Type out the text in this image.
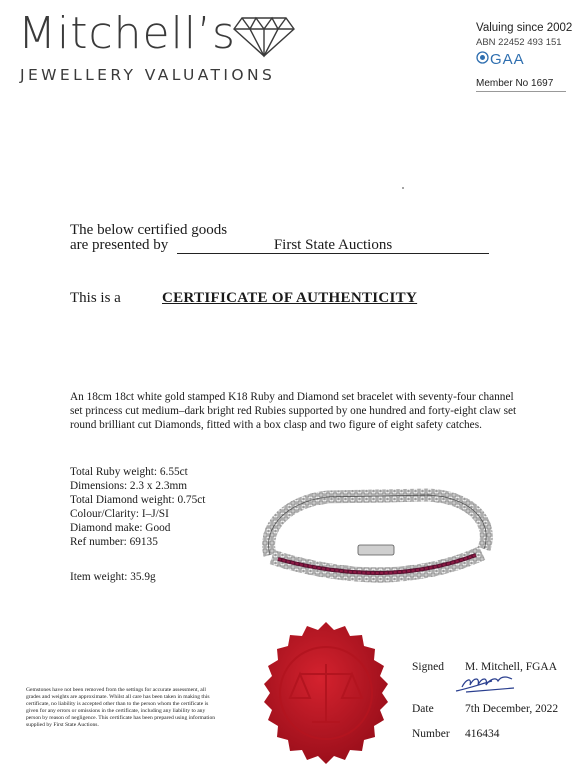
Mitchell’s
JEWELLERY VALUATIONS
Valuing since 2002
ABN 22452 493 151
GAA
Member No 1697
The below certified goods
are presented by	First State Auctions
This is a	CERTIFICATE OF AUTHENTICITY
An 18cm 18ct white gold stamped K18 Ruby and Diamond set bracelet with seventy-four channel set princess cut medium–dark bright red Rubies supported by one hundred and forty-eight claw set round brilliant cut Diamonds, fitted with a box clasp and two figure of eight safety catches.
Total Ruby weight: 6.55ct
Dimensions: 2.3 x 2.3mm
Total Diamond weight: 0.75ct
Colour/Clarity: I–J/SI
Diamond make: Good
Ref number: 69135
Item weight: 35.9g
Gemstones have not been removed from the settings for accurate assessment, all grades and weights are approximate. Whilst all care has been taken in making this certificate, no liability is accepted other than to the person whom the certificate is given for any errors or omissions in the certificate, including any liability to any person by reason of negligence. This certificate has been prepared using information supplied by First State Auctions.
Signed M. Mitchell, FGAA
Date	7th December, 2022
Number 416434
